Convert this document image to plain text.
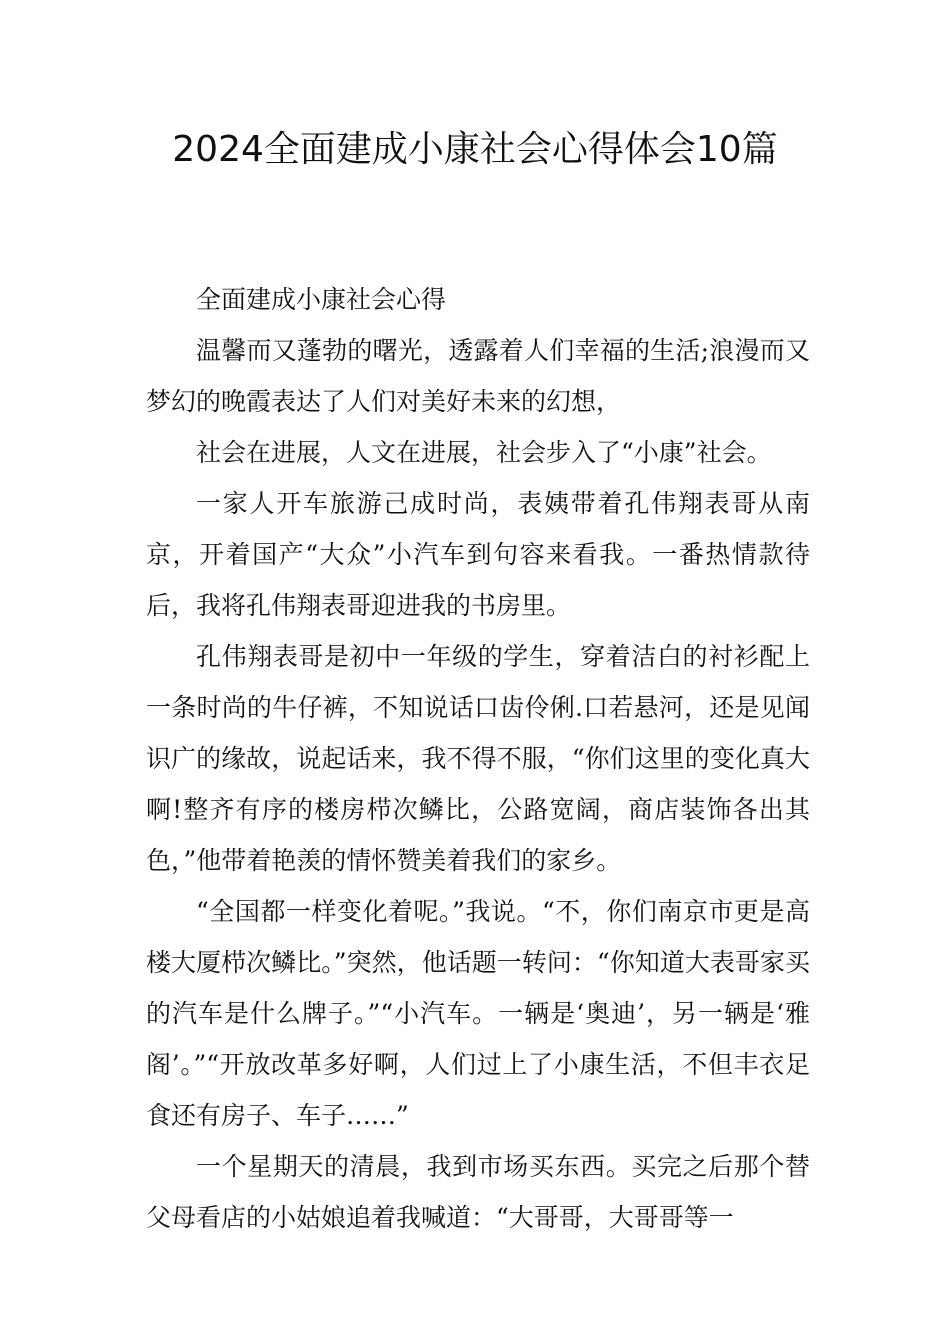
2024全面建成小康社会心得体会10篇

全面建成小康社会心得

温馨而又蓬勃的曙光，透露着人们幸福的生活;浪漫而又梦幻的晚霞表达了人们对美好未来的幻想，

社会在进展，人文在进展，社会步入了“小康”社会。

一家人开车旅游己成时尚，表姨带着孔伟翔表哥从南京，开着国产“大众”小汽车到句容来看我。一番热情款待后，我将孔伟翔表哥迎进我的书房里。

孔伟翔表哥是初中一年级的学生，穿着洁白的衬衫配上一条时尚的牛仔裤，不知说话口齿伶俐.口若悬河，还是见闻识广的缘故，说起话来，我不得不服，“你们这里的变化真大啊!整齐有序的楼房栉次鳞比，公路宽阔，商店装饰各出其色，”他带着艳羡的情怀赞美着我们的家乡。

“全国都一样变化着呢。”我说。“不，你们南京市更是高楼大厦栉次鳞比。”突然，他话题一转问：“你知道大表哥家买的汽车是什么牌子。”“小汽车。一辆是‘奥迪’，另一辆是‘雅阁’。”“开放改革多好啊，人们过上了小康生活，不但丰衣足食还有房子、车子……”

一个星期天的清晨，我到市场买东西。买完之后那个替父母看店的小姑娘追着我喊道：“大哥哥，大哥哥等一
